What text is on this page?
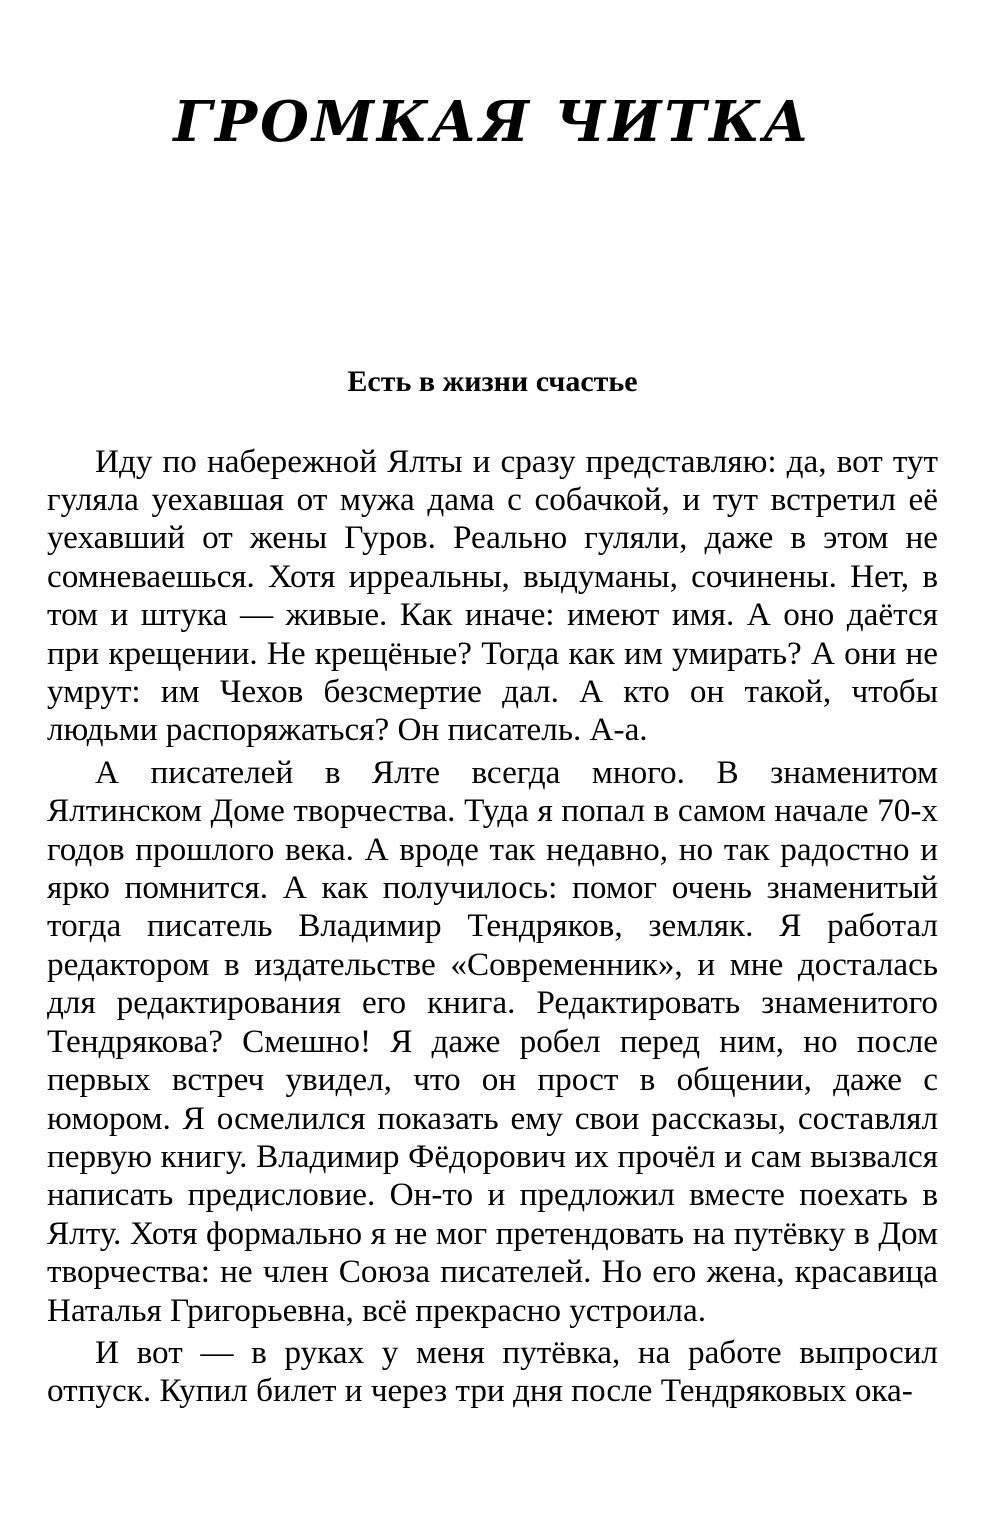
ГРОМКАЯ ЧИТКА
Есть в жизни счастье

Иду по набережной Ялты и сразу представляю: да, вот тут гуляла уехавшая от мужа дама с собачкой, и тут встретил её уехавший от жены Гуров. Реально гуляли, даже в этом не сомневаешься. Хотя ирреальны, выдуманы, сочинены. Нет, в том и штука — живые. Как иначе: имеют имя. А оно даётся при крещении. Не крещёные? Тогда как им умирать? А они не умрут: им Чехов безсмертие дал. А кто он такой, чтобы людьми распоряжаться? Он писатель. А-а.

А писателей в Ялте всегда много. В знаменитом Ялтинском Доме творчества. Туда я попал в самом начале 70-х годов прошлого века. А вроде так недавно, но так радостно и ярко помнится. А как получилось: помог очень знаменитый тогда писатель Владимир Тендряков, земляк. Я работал редактором в издательстве «Современник», и мне досталась для редактирования его книга. Редактировать знаменитого Тендрякова? Смешно! Я даже робел перед ним, но после первых встреч увидел, что он прост в общении, даже с юмором. Я осмелился показать ему свои рассказы, составлял первую книгу. Владимир Фёдорович их прочёл и сам вызвался написать предисловие. Он-то и предложил вместе поехать в Ялту. Хотя формально я не мог претендовать на путёвку в Дом творчества: не член Союза писателей. Но его жена, красавица Наталья Григорьевна, всё прекрасно устроила.

И вот — в руках у меня путёвка, на работе выпросил отпуск. Купил билет и через три дня после Тендряковых ока-
